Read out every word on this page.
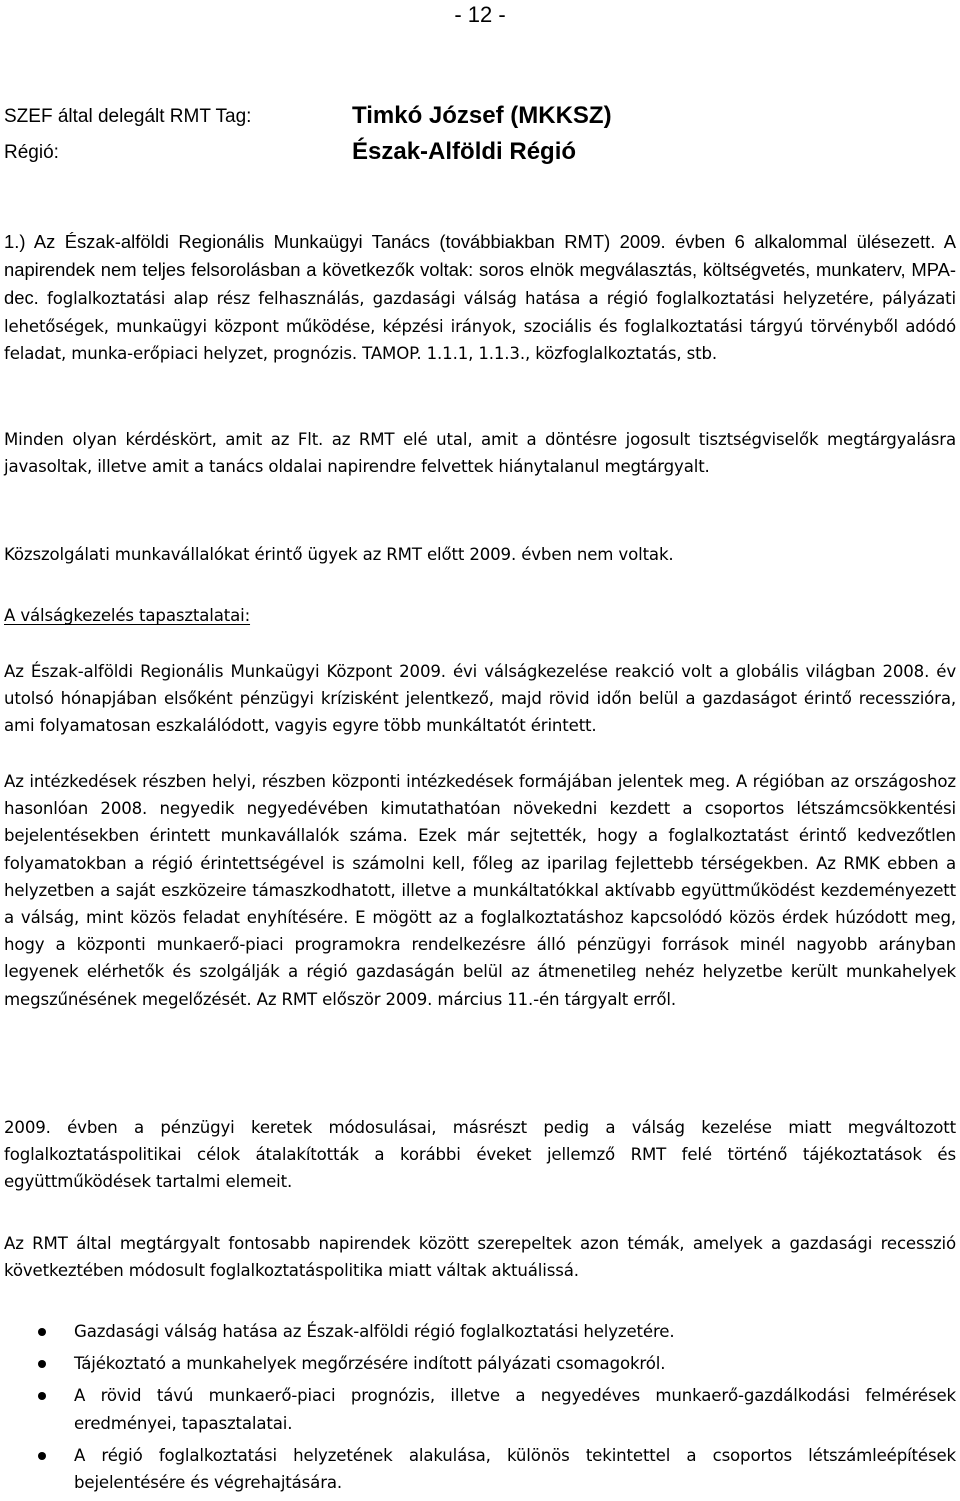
- 12 -
SZEF által delegált RMT Tag:	Timkó József (MKKSZ)
Régió:	Észak-Alföldi Régió
1.) Az Észak-alföldi Regionális Munkaügyi Tanács (továbbiakban RMT) 2009. évben 6 alkalommal ülésezett. A napirendek nem teljes felsorolásban a következők voltak: soros elnök megválasztás, költségvetés, munkaterv, MPA-dec. foglalkoztatási alap rész felhasználás, gazdasági válság hatása a régió foglalkoztatási helyzetére, pályázati lehetőségek, munkaügyi központ működése, képzési irányok, szociális és foglalkoztatási tárgyú törvényből adódó feladat, munka-erőpiaci helyzet, prognózis. TAMOP. 1.1.1, 1.1.3., közfoglalkoztatás, stb.
Minden olyan kérdéskört, amit az Flt. az RMT elé utal, amit a döntésre jogosult tisztségviselők megtárgyalásra javasoltak, illetve amit a tanács oldalai napirendre felvettek hiánytalanul megtárgyalt.
Közszolgálati munkavállalókat érintő ügyek az RMT előtt 2009. évben nem voltak.
A válságkezelés tapasztalatai:
Az Észak-alföldi Regionális Munkaügyi Központ 2009. évi válságkezelése reakció volt a globális világban 2008. év utolsó hónapjában elsőként pénzügyi krízisként jelentkező, majd rövid időn belül a gazdaságot érintő recesszióra, ami folyamatosan eszkalálódott, vagyis egyre több munkáltatót érintett.
Az intézkedések részben helyi, részben központi intézkedések formájában jelentek meg. A régióban az országoshoz hasonlóan 2008. negyedik negyedévében kimutathatóan növekedni kezdett a csoportos létszámcsökkentési bejelentésekben érintett munkavállalók száma. Ezek már sejtették, hogy a foglalkoztatást érintő kedvezőtlen folyamatokban a régió érintettségével is számolni kell, főleg az iparilag fejlettebb térségekben. Az RMK ebben a helyzetben a saját eszközeire támaszkodhatott, illetve a munkáltatókkal aktívabb együttműködést kezdeményezett a válság, mint közös feladat enyhítésére. E mögött az a foglalkoztatáshoz kapcsolódó közös érdek húzódott meg, hogy a központi munkaerő-piaci programokra rendelkezésre álló pénzügyi források minél nagyobb arányban legyenek elérhetők és szolgálják a régió gazdaságán belül az átmenetileg nehéz helyzetbe került munkahelyek megszűnésének megelőzését. Az RMT először 2009. március 11.-én tárgyalt erről.
2009. évben a pénzügyi keretek módosulásai, másrészt pedig a válság kezelése miatt megváltozott foglalkoztatáspolitikai célok átalakították a korábbi éveket jellemző RMT felé történő tájékoztatások és együttműködések tartalmi elemeit.
Az RMT által megtárgyalt fontosabb napirendek között szerepeltek azon témák, amelyek a gazdasági recesszió következtében módosult foglalkoztatáspolitika miatt váltak aktuálissá.
Gazdasági válság hatása az Észak-alföldi régió foglalkoztatási helyzetére.
Tájékoztató a munkahelyek megőrzésére indított pályázati csomagokról.
A rövid távú munkaerő-piaci prognózis, illetve a negyedéves munkaerő-gazdálkodási felmérések eredményei, tapasztalatai.
A régió foglalkoztatási helyzetének alakulása, különös tekintettel a csoportos létszámleépítések bejelentésére és végrehajtására.
